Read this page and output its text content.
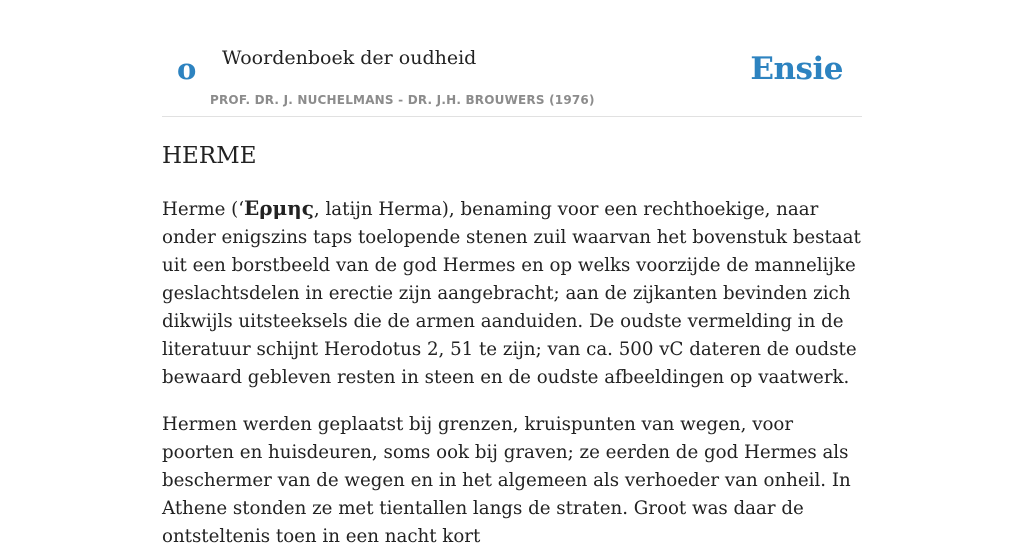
o Woordenboek der oudheid
PROF. DR. J. NUCHELMANS - DR. J.H. BROUWERS (1976)
Ensie
HERME

Herme (‘Ερμης, latijn Herma), benaming voor een rechthoekige, naar onder enigszins taps toelopende stenen zuil waarvan het bovenstuk bestaat uit een borstbeeld van de god Hermes en op welks voorzijde de mannelijke geslachtsdelen in erectie zijn aangebracht; aan de zijkanten bevinden zich dikwijls uitsteeksels die de armen aanduiden. De oudste vermelding in de literatuur schijnt Herodotus 2, 51 te zijn; van ca. 500 vC dateren de oudste bewaard gebleven resten in steen en de oudste afbeeldingen op vaatwerk.

Hermen werden geplaatst bij grenzen, kruispunten van wegen, voor poorten en huisdeuren, soms ook bij graven; ze eerden de god Hermes als beschermer van de wegen en in het algemeen als verhoeder van onheil. In Athene stonden ze met tientallen langs de straten. Groot was daar de ontsteltenis toen in een nacht kort
